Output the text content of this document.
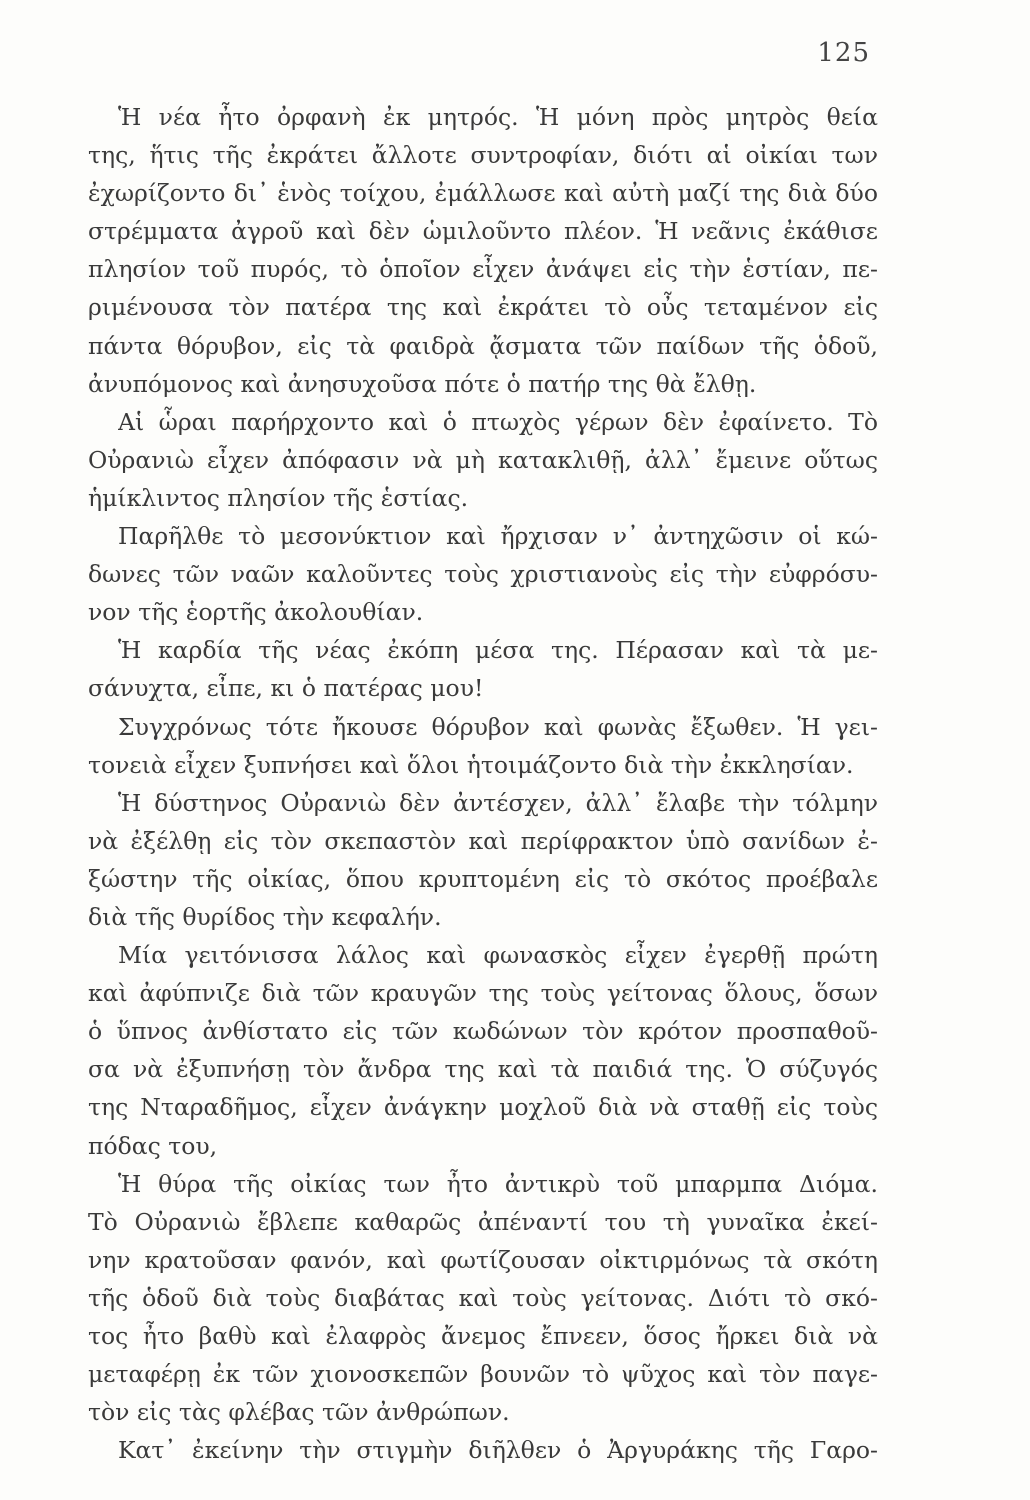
125
Ἡ νέα ἦτο ὀρφανὴ ἐκ μητρός. Ἡ μόνη πρὸς μητρὸς θεία
της, ἥτις τῆς ἐκράτει ἄλλοτε συντροφίαν, διότι αἱ οἰκίαι των
ἐχωρίζοντο δι᾿ ἑνὸς τοίχου, ἐμάλλωσε καὶ αὐτὴ μαζί της διὰ δύο
στρέμματα ἀγροῦ καὶ δὲν ὡμιλοῦντο πλέον. Ἡ νεᾶνις ἐκάθισε
πλησίον τοῦ πυρός, τὸ ὁποῖον εἶχεν ἀνάψει εἰς τὴν ἑστίαν, πε-
ριμένουσα τὸν πατέρα της καὶ ἐκράτει τὸ οὖς τεταμένον εἰς
πάντα θόρυβον, εἰς τὰ φαιδρὰ ᾄσματα τῶν παίδων τῆς ὁδοῦ,
ἀνυπόμονος καὶ ἀνησυχοῦσα πότε ὁ πατήρ της θὰ ἔλθῃ.
Αἱ ὧραι παρήρχοντο καὶ ὁ πτωχὸς γέρων δὲν ἐφαίνετο. Τὸ
Οὐρανιὼ εἶχεν ἀπόφασιν νὰ μὴ κατακλιθῇ, ἀλλ᾿ ἔμεινε οὕτως
ἡμίκλιντος πλησίον τῆς ἑστίας.
Παρῆλθε τὸ μεσονύκτιον καὶ ἤρχισαν ν᾿ ἀντηχῶσιν οἱ κώ-
δωνες τῶν ναῶν καλοῦντες τοὺς χριστιανοὺς εἰς τὴν εὐφρόσυ-
νον τῆς ἑορτῆς ἀκολουθίαν.
Ἡ καρδία τῆς νέας ἐκόπη μέσα της. Πέρασαν καὶ τὰ με-
σάνυχτα, εἶπε, κι ὁ πατέρας μου!
Συγχρόνως τότε ἤκουσε θόρυβον καὶ φωνὰς ἔξωθεν. Ἡ γει-
τονειὰ εἶχεν ξυπνήσει καὶ ὅλοι ἡτοιμάζοντο διὰ τὴν ἐκκλησίαν.
Ἡ δύστηνος Οὐρανιὼ δὲν ἀντέσχεν, ἀλλ᾿ ἔλαβε τὴν τόλμην
νὰ ἐξέλθῃ εἰς τὸν σκεπαστὸν καὶ περίφρακτον ὑπὸ σανίδων ἐ-
ξώστην τῆς οἰκίας, ὅπου κρυπτομένη εἰς τὸ σκότος προέβαλε
διὰ τῆς θυρίδος τὴν κεφαλήν.
Μία γειτόνισσα λάλος καὶ φωνασκὸς εἶχεν ἐγερθῇ πρώτη
καὶ ἀφύπνιζε διὰ τῶν κραυγῶν της τοὺς γείτονας ὅλους, ὅσων
ὁ ὕπνος ἀνθίστατο εἰς τῶν κωδώνων τὸν κρότον προσπαθοῦ-
σα νὰ ἐξυπνήσῃ τὸν ἄνδρα της καὶ τὰ παιδιά της. Ὁ σύζυγός
της Νταραδῆμος, εἶχεν ἀνάγκην μοχλοῦ διὰ νὰ σταθῇ εἰς τοὺς
πόδας του,
Ἡ θύρα τῆς οἰκίας των ἦτο ἀντικρὺ τοῦ μπαρμπα Διόμα.
Τὸ Οὐρανιὼ ἔβλεπε καθαρῶς ἀπέναντί του τὴ γυναῖκα ἐκεί-
νην κρατοῦσαν φανόν, καὶ φωτίζουσαν οἰκτιρμόνως τὰ σκότη
τῆς ὁδοῦ διὰ τοὺς διαβάτας καὶ τοὺς γείτονας. Διότι τὸ σκό-
τος ἦτο βαθὺ καὶ ἐλαφρὸς ἄνεμος ἔπνεεν, ὅσος ἤρκει διὰ νὰ
μεταφέρῃ ἐκ τῶν χιονοσκεπῶν βουνῶν τὸ ψῦχος καὶ τὸν παγε-
τὸν εἰς τὰς φλέβας τῶν ἀνθρώπων.
Κατ᾿ ἐκείνην τὴν στιγμὴν διῆλθεν ὁ Ἀργυράκης τῆς Γαρο-
